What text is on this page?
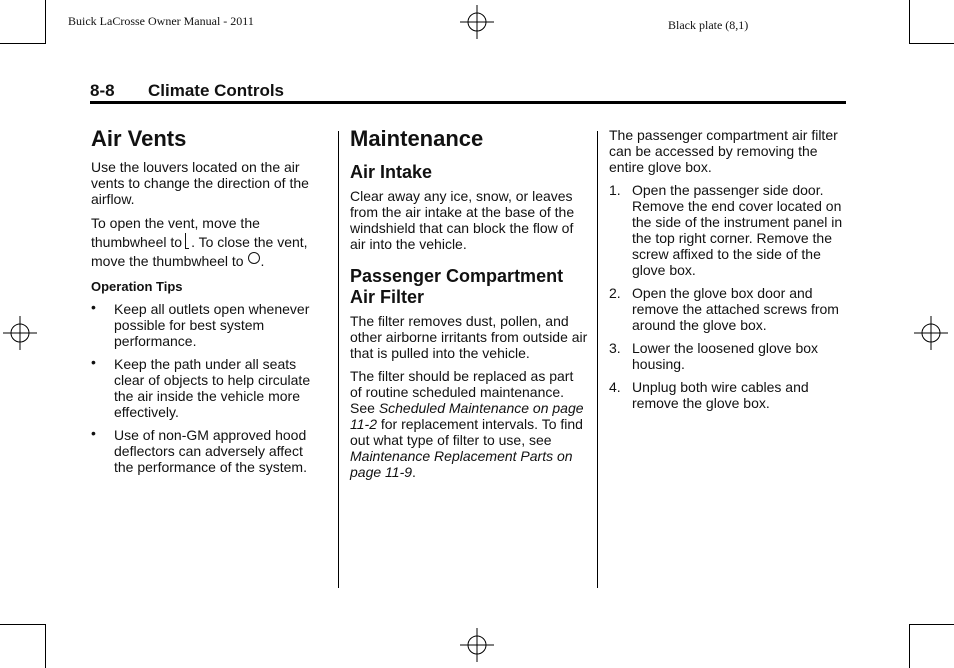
Buick LaCrosse Owner Manual - 2011	Black plate (8,1)
8-8 Climate Controls
Air Vents

Use the louvers located on the air vents to change the direction of the airflow.

To open the vent, move the thumbwheel to . To close the vent, move the thumbwheel to .

Operation Tips
• Keep all outlets open whenever possible for best system performance.
• Keep the path under all seats clear of objects to help circulate the air inside the vehicle more effectively.
• Use of non-GM approved hood deflectors can adversely affect the performance of the system.
Maintenance
Air Intake

Clear away any ice, snow, or leaves from the air intake at the base of the windshield that can block the flow of air into the vehicle.

Passenger Compartment Air Filter

The filter removes dust, pollen, and other airborne irritants from outside air that is pulled into the vehicle.

The filter should be replaced as part of routine scheduled maintenance. See Scheduled Maintenance on page 11-2 for replacement intervals. To find out what type of filter to use, see Maintenance Replacement Parts on page 11-9.

The passenger compartment air filter can be accessed by removing the entire glove box.

1. Open the passenger side door. Remove the end cover located on the side of the instrument panel in the top right corner. Remove the screw affixed to the side of the glove box.
2. Open the glove box door and remove the attached screws from around the glove box.
3. Lower the loosened glove box housing.
4. Unplug both wire cables and remove the glove box.
